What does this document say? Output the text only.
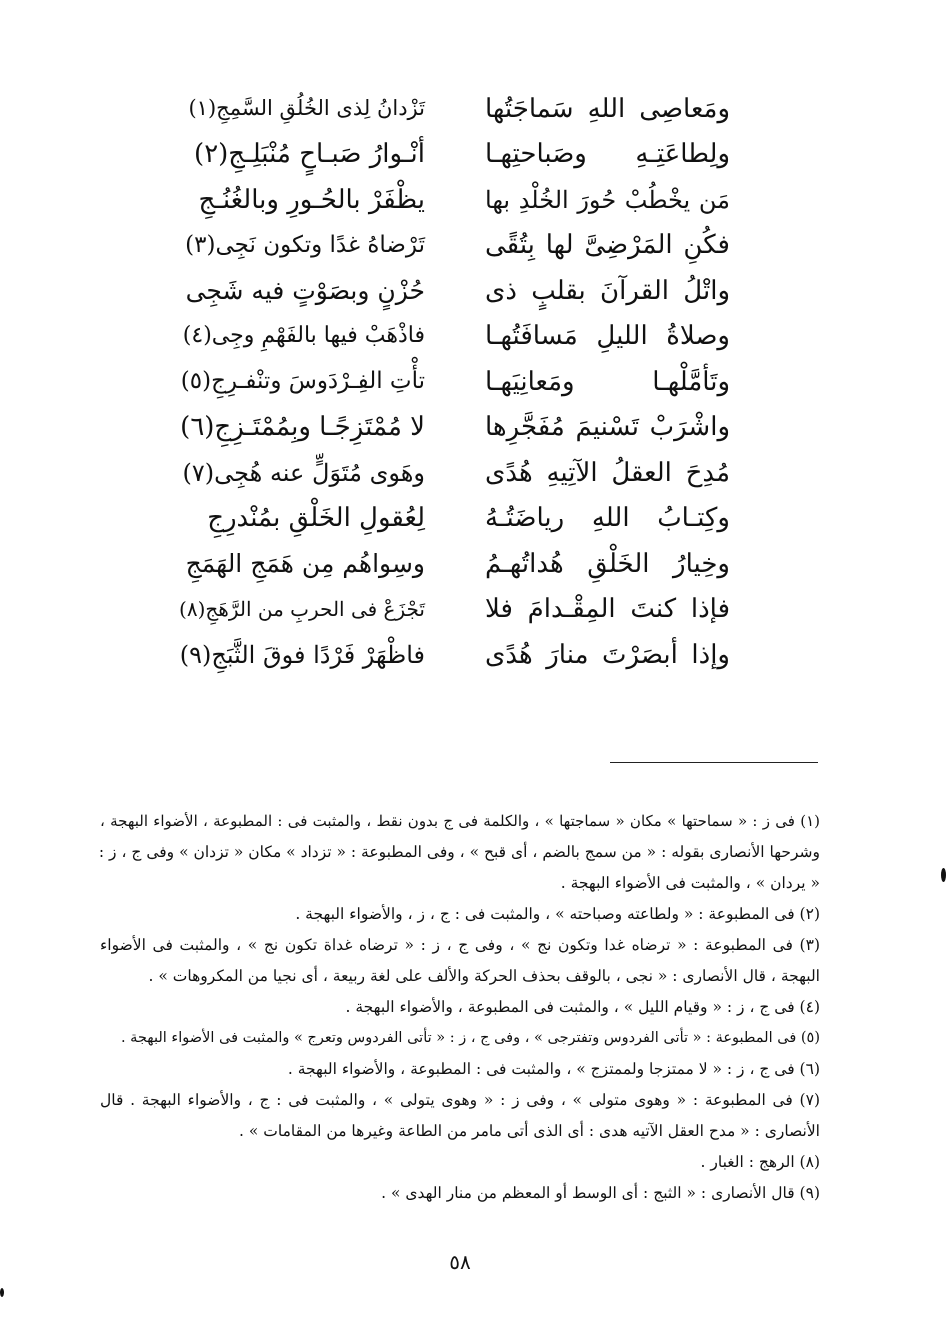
ومَعاصِى اللهِ سَماجَتُها
تَزْدانُ لِذى الخُلُقِ السَّمِجِ(١)
ولِطاعَتِـهِ وصَباحتِهـا
أنْـوارُ صَبـاحٍ مُنْبَلِـجِ(٢)
مَن يخْطُبْ حُورَ الخُلْدِ بها
يظْفَرْ بالحُـورِ وبالغُنُـجِ
فكُنِ المَرْضِىَّ لها بِتُقًى
تَرْضاهُ غدًا وتكون نَجِى(٣)
واتْلُ القرآنَ بقلبٍ ذى
حُزْنٍ وبصَوْتٍ فيه شَجِى
وصلاةُ الليلِ مَسافَتُهـا
فاذْهَبْ فيها بالفَهْمِ وجِى(٤)
وتَأمَّلْهـا ومَعانِيَهـا
تأْتِ الفِـرْدَوسَ وتنْفـرِجِ(٥)
واشْرَبْ تَسْنيمَ مُفَجَّرِها
لا مُمْتَزِجًـا وبِمُمْتَـزِجِ(٦)
مُدِحَ العقلُ الآتِيهِ هُدًى
وهَوى مُتَوَلٍّ عنه هُجِى(٧)
وكِتـابُ اللهِ رياضَتُـهُ
لِعُقولِ الخَلْقِ بمُنْدرِجِ
وخِيارُ الخَلْقِ هُداتُهـمُ
وسِواهُم مِن هَمَجِ الهَمَجِ
فإذا كنتَ المِقْـدامَ فلا
تَجْزَعْ فى الحربِ من الرَّهَجِ(٨)
وإذا أبصَرْتَ منارَ هُدًى
فاظْهَرْ فَرْدًا فوقَ الثَّبَجِ(٩)
(١) فى ز : « سماحتها » مكان « سماجتها » ، والكلمة فى ج بدون نقط ، والمثبت فى : المطبوعة ، الأضواء البهجة ،
وشرحها الأنصارى بقوله : « من سمج بالضم ، أى قبح » ، وفى المطبوعة : « تزداد » مكان « تزدان » وفى ج ، ز :
« يردان » ، والمثبت فى الأضواء البهجة .
(٢) فى المطبوعة : « ولطاعته وصباحته » ، والمثبت فى : ج ، ز ، والأضواء البهجة .
(٣) فى المطبوعة : « ترضاه غدا وتكون نج » ، وفى ج ، ز : « ترضاه غداة تكون نج » ، والمثبت فى الأضواء
البهجة ، قال الأنصارى : « نجى ، بالوقف بحذف الحركة والألف على لغة ربيعة ، أى نجيا من المكروهات » .
(٤) فى ج ، ز : « وقيام الليل » ، والمثبت فى المطبوعة ، والأضواء البهجة .
(٥) فى المطبوعة : « تأتى الفردوس وتفترجى » ، وفى ج ، ز : « تأتى الفردوس وتعرج » والمثبت فى الأضواء البهجة .
(٦) فى ج ، ز : « لا ممتزجا ولممتزج » ، والمثبت فى : المطبوعة ، والأضواء البهجة .
(٧) فى المطبوعة : « وهوى متولى » ، وفى ز : « وهوى يتولى » ، والمثبت فى : ج ، والأضواء البهجة . قال
الأنصارى : « مدح العقل الآتيه هدى : أى الذى أتى مامر من الطاعة وغيرها من المقامات » .
(٨) الرهج : الغبار .
(٩) قال الأنصارى : « الثبج : أى الوسط أو المعظم من منار الهدى » .
٥٨
